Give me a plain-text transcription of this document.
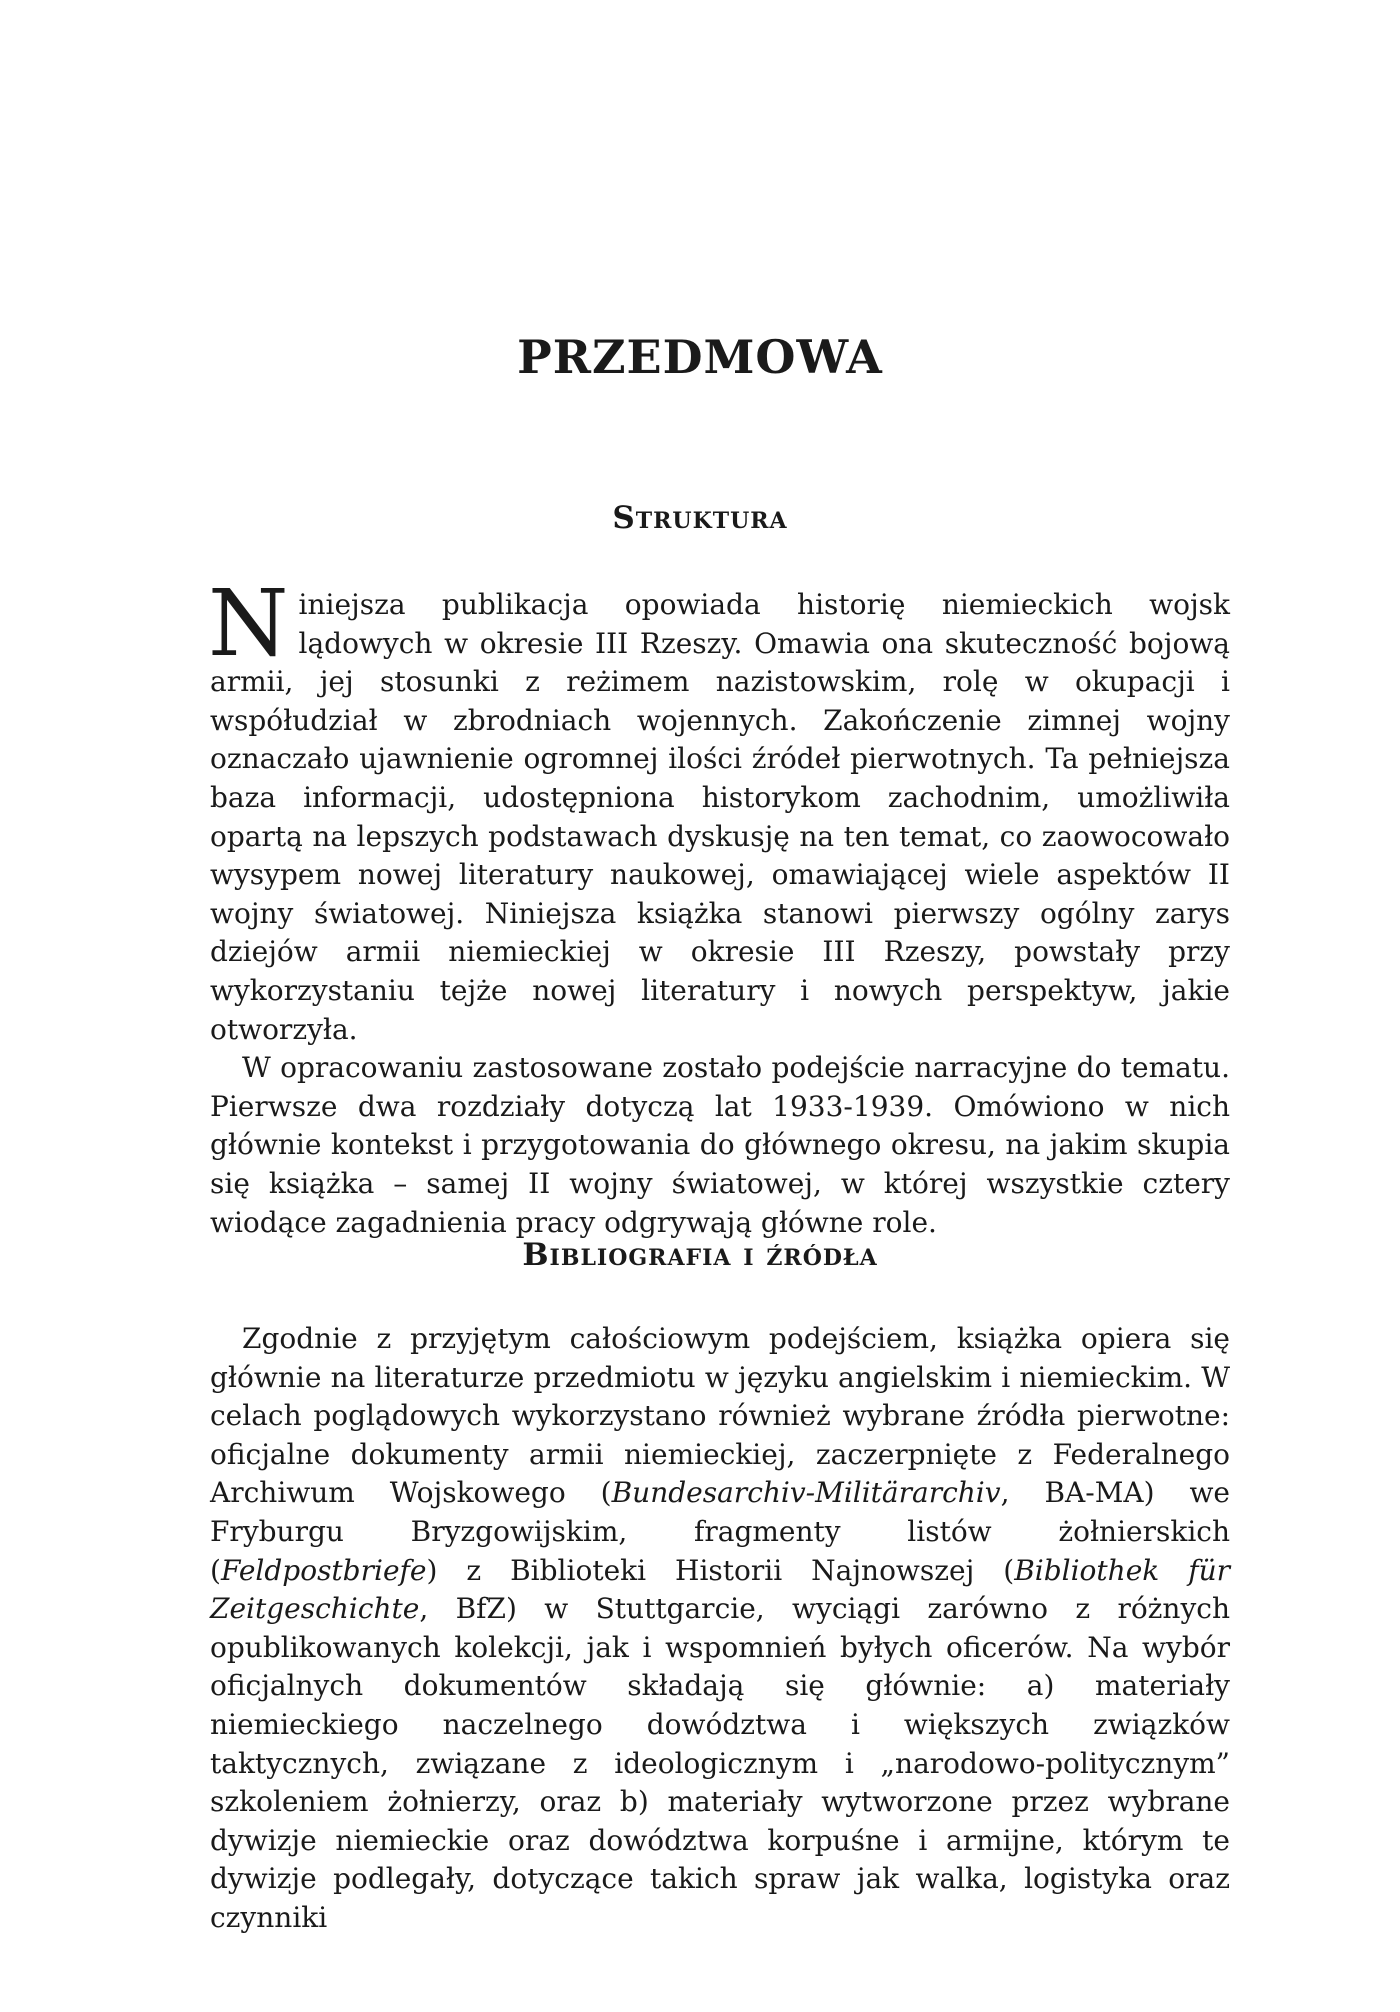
PRZEDMOWA
Struktura

Niniejsza publikacja opowiada historię niemieckich wojsk lądowych w okresie III Rzeszy. Omawia ona skuteczność bojową armii, jej stosunki z reżimem nazistowskim, rolę w okupacji i współudział w zbrodniach wojennych. Zakończenie zimnej wojny oznaczało ujawnienie ogromnej ilości źródeł pierwotnych. Ta pełniejsza baza informacji, udostępniona historykom zachodnim, umożliwiła opartą na lepszych podstawach dyskusję na ten temat, co zaowocowało wysypem nowej literatury naukowej, omawiającej wiele aspektów II wojny światowej. Niniejsza książka stanowi pierwszy ogólny zarys dziejów armii niemieckiej w okresie III Rzeszy, powstały przy wykorzystaniu tejże nowej literatury i nowych perspektyw, jakie otworzyła.

W opracowaniu zastosowane zostało podejście narracyjne do tematu. Pierwsze dwa rozdziały dotyczą lat 1933-1939. Omówiono w nich głównie kontekst i przygotowania do głównego okresu, na jakim skupia się książka – samej II wojny światowej, w której wszystkie cztery wiodące zagadnienia pracy odgrywają główne role.

Bibliografia i źródła

Zgodnie z przyjętym całościowym podejściem, książka opiera się głównie na literaturze przedmiotu w języku angielskim i niemieckim. W celach poglądowych wykorzystano również wybrane źródła pierwotne: oficjalne dokumenty armii niemieckiej, zaczerpnięte z Federalnego Archiwum Wojskowego (Bundesarchiv-Militärarchiv, BA-MA) we Fryburgu Bryzgowijskim, fragmenty listów żołnierskich (Feldpostbriefe) z Biblioteki Historii Najnowszej (Bibliothek für Zeitgeschichte, BfZ) w Stuttgarcie, wyciągi zarówno z różnych opublikowanych kolekcji, jak i wspomnień byłych oficerów. Na wybór oficjalnych dokumentów składają się głównie: a) materiały niemieckiego naczelnego dowództwa i większych związków taktycznych, związane z ideologicznym i „narodowo-politycznym” szkoleniem żołnierzy, oraz b) materiały wytworzone przez wybrane dywizje niemieckie oraz dowództwa korpuśne i armijne, którym te dywizje podlegały, dotyczące takich spraw jak walka, logistyka oraz czynniki
